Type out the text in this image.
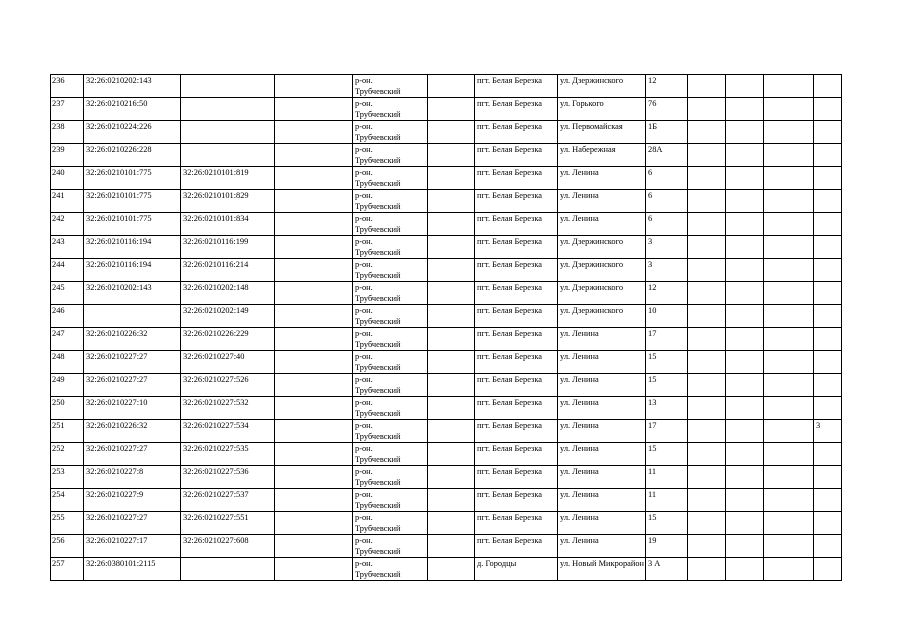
236	32:26:0210202:143			р-он.
Трубчевский		пгт. Белая Березка	ул. Дзержинского	12				
237	32:26:0210216:50			р-он.
Трубчевский		пгт. Белая Березка	ул. Горького	76				
238	32:26:0210224:226			р-он.
Трубчевский		пгт. Белая Березка	ул. Первомайская	1Б				
239	32:26:0210226:228			р-он.
Трубчевский		пгт. Белая Березка	ул. Набережная	28А				
240	32:26:0210101:775	32:26:0210101:819		р-он.
Трубчевский		пгт. Белая Березка	ул. Ленина	6				
241	32:26:0210101:775	32:26:0210101:829		р-он.
Трубчевский		пгт. Белая Березка	ул. Ленина	6				
242	32:26:0210101:775	32:26:0210101:834		р-он.
Трубчевский		пгт. Белая Березка	ул. Ленина	6				
243	32:26:0210116:194	32:26:0210116:199		р-он.
Трубчевский		пгт. Белая Березка	ул. Дзержинского	3				
244	32:26:0210116:194	32:26:0210116:214		р-он.
Трубчевский		пгт. Белая Березка	ул. Дзержинского	3				
245	32:26:0210202:143	32:26:0210202:148		р-он.
Трубчевский		пгт. Белая Березка	ул. Дзержинского	12				
246		32:26:0210202:149		р-он.
Трубчевский		пгт. Белая Березка	ул. Дзержинского	10				
247	32:26:0210226:32	32:26:0210226:229		р-он.
Трубчевский		пгт. Белая Березка	ул. Ленина	17				
248	32:26:0210227:27	32:26:0210227:40		р-он.
Трубчевский		пгт. Белая Березка	ул. Ленина	15				
249	32:26:0210227:27	32:26:0210227:526		р-он.
Трубчевский		пгт. Белая Березка	ул. Ленина	15				
250	32:26:0210227:10	32:26:0210227:532		р-он.
Трубчевский		пгт. Белая Березка	ул. Ленина	13				
251	32:26:0210226:32	32:26:0210227:534		р-он.
Трубчевский		пгт. Белая Березка	ул. Ленина	17				3
252	32:26:0210227:27	32:26:0210227:535		р-он.
Трубчевский		пгт. Белая Березка	ул. Ленина	15				
253	32:26:0210227:8	32:26:0210227:536		р-он.
Трубчевский		пгт. Белая Березка	ул. Ленина	11				
254	32:26:0210227:9	32:26:0210227:537		р-он.
Трубчевский		пгт. Белая Березка	ул. Ленина	11				
255	32:26:0210227:27	32:26:0210227:551		р-он.
Трубчевский		пгт. Белая Березка	ул. Ленина	15				
256	32:26:0210227:17	32:26:0210227:608		р-он.
Трубчевский		пгт. Белая Березка	ул. Ленина	19				
257	32:26:0380101:2115			р-он.
Трубчевский		д. Городцы	ул. Новый Микрорайон	3 А				
